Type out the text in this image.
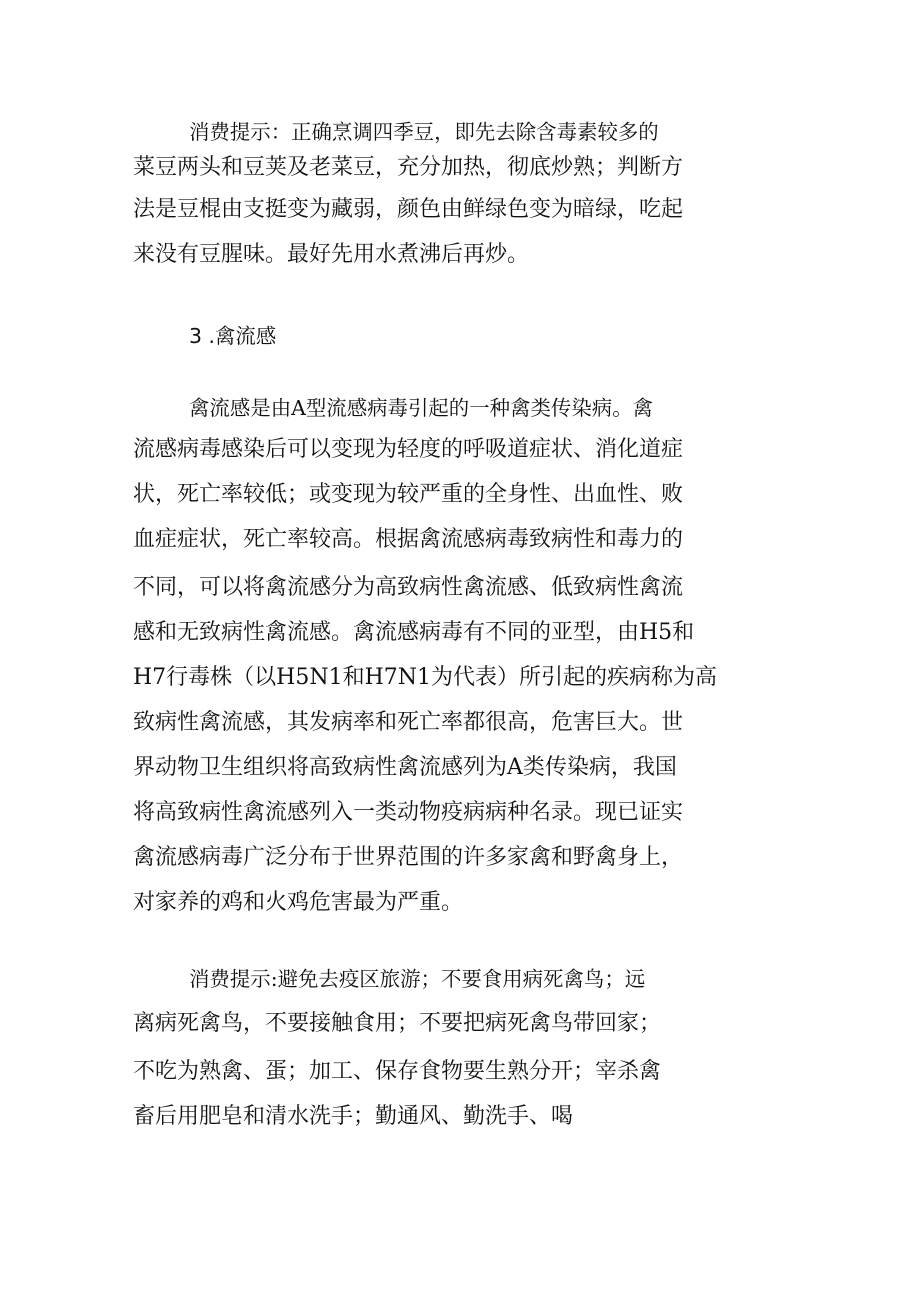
消费提示：正确烹调四季豆，即先去除含毒素较多的

菜豆两头和豆荚及老菜豆，充分加热，彻底炒熟；判断方

法是豆棍由支挺变为藏弱，颜色由鲜绿色变为暗绿，吃起

来没有豆腥味。最好先用水煮沸后再炒。

3 .禽流感

禽流感是由A型流感病毒引起的一种禽类传染病。禽

流感病毒感染后可以变现为轻度的呼吸道症状、消化道症

状，死亡率较低；或变现为较严重的全身性、出血性、败

血症症状，死亡率较高。根据禽流感病毒致病性和毒力的

不同，可以将禽流感分为高致病性禽流感、低致病性禽流

感和无致病性禽流感。禽流感病毒有不同的亚型，由H5和

H7行毒株（以H5N1和H7N1为代表）所引起的疾病称为高

致病性禽流感，其发病率和死亡率都很高，危害巨大。世

界动物卫生组织将高致病性禽流感列为A类传染病，我国

将高致病性禽流感列入一类动物疫病病种名录。现已证实

禽流感病毒广泛分布于世界范围的许多家禽和野禽身上，

对家养的鸡和火鸡危害最为严重。

消费提示:避免去疫区旅游；不要食用病死禽鸟；远

离病死禽鸟，不要接触食用；不要把病死禽鸟带回家；

不吃为熟禽、蛋；加工、保存食物要生熟分开；宰杀禽

畜后用肥皂和清水洗手；勤通风、勤洗手、喝
